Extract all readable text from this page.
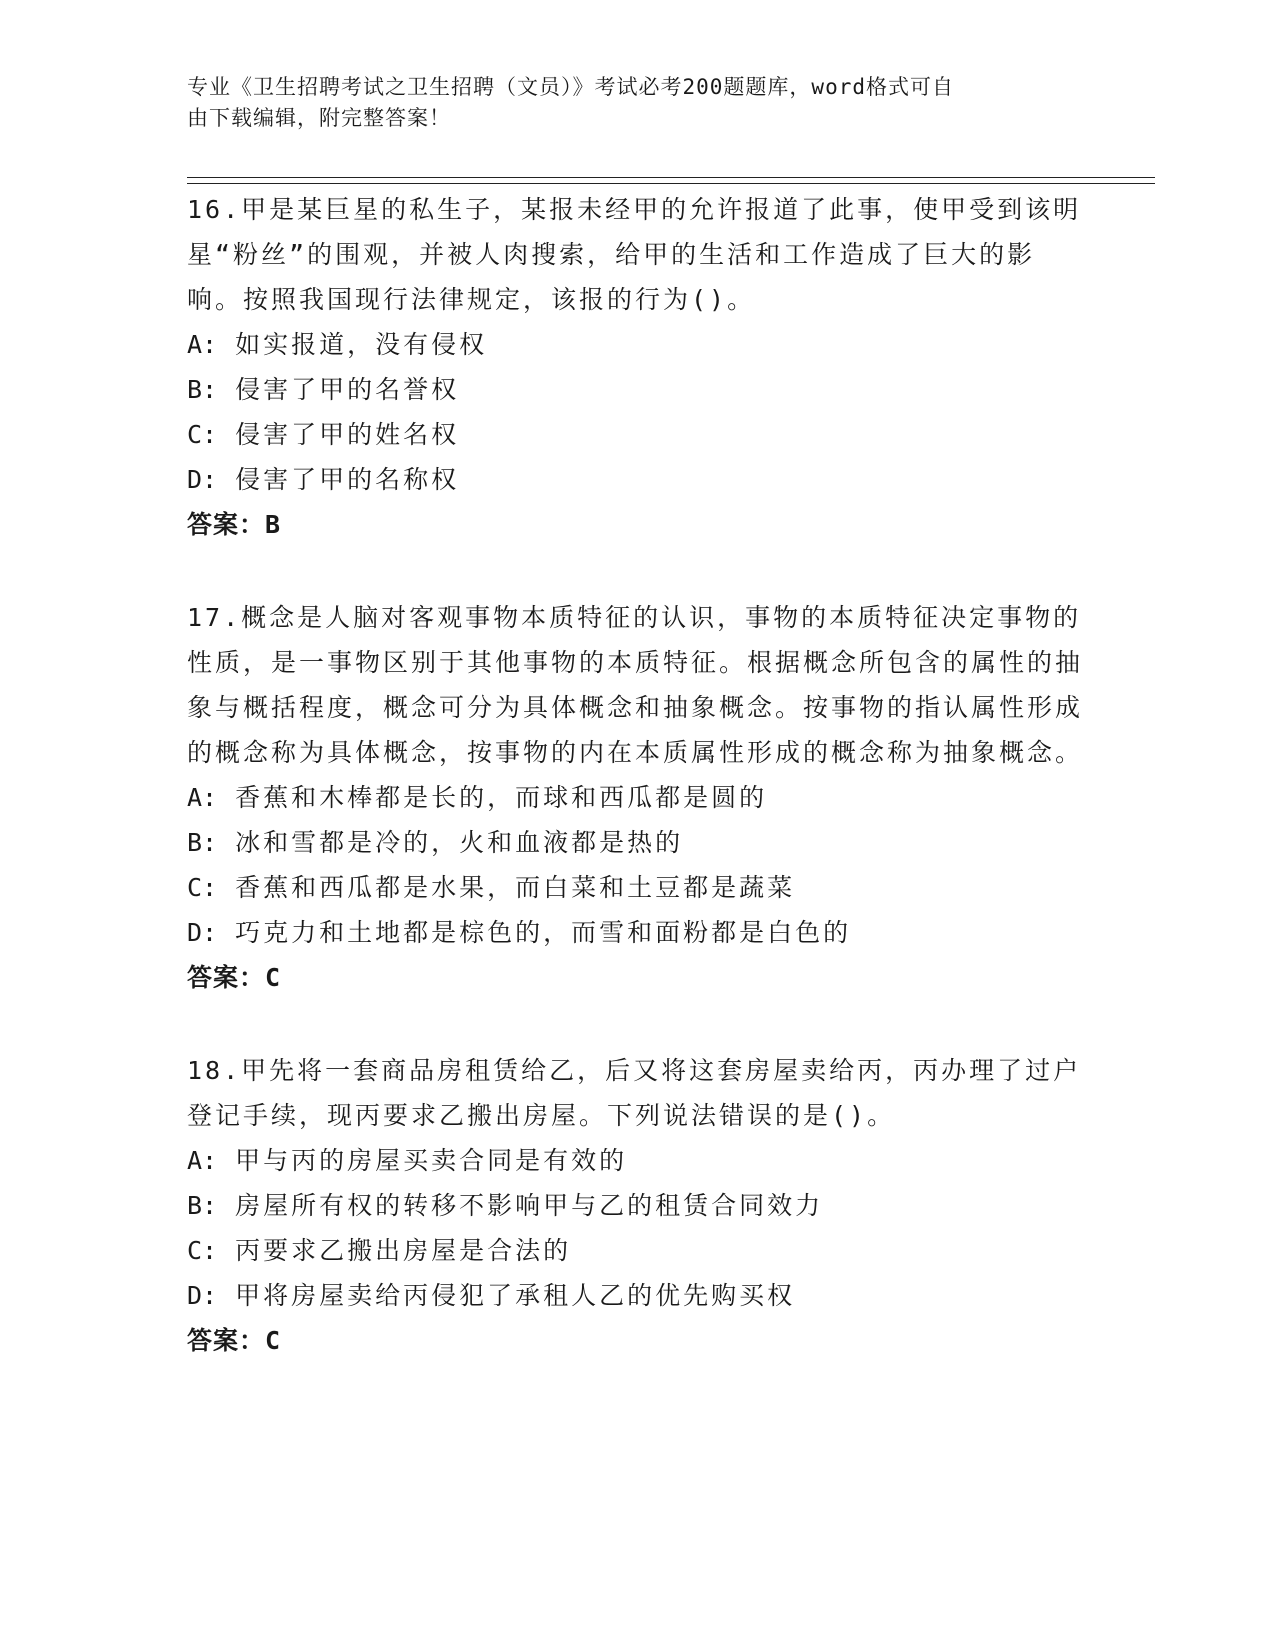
专业《卫生招聘考试之卫生招聘（文员）》考试必考200题题库，word格式可自
由下载编辑，附完整答案！
16.甲是某巨星的私生子，某报未经甲的允许报道了此事，使甲受到该明星“粉丝”的围观，并被人肉搜索，给甲的生活和工作造成了巨大的影响。按照我国现行法律规定，该报的行为()。
A: 如实报道，没有侵权
B: 侵害了甲的名誉权
C: 侵害了甲的姓名权
D: 侵害了甲的名称权
答案：B
17.概念是人脑对客观事物本质特征的认识，事物的本质特征决定事物的性质，是一事物区别于其他事物的本质特征。根据概念所包含的属性的抽象与概括程度，概念可分为具体概念和抽象概念。按事物的指认属性形成的概念称为具体概念，按事物的内在本质属性形成的概念称为抽象概念。
A: 香蕉和木棒都是长的，而球和西瓜都是圆的
B: 冰和雪都是冷的，火和血液都是热的
C: 香蕉和西瓜都是水果，而白菜和土豆都是蔬菜
D: 巧克力和土地都是棕色的，而雪和面粉都是白色的
答案：C
18.甲先将一套商品房租赁给乙，后又将这套房屋卖给丙，丙办理了过户登记手续，现丙要求乙搬出房屋。下列说法错误的是()。
A: 甲与丙的房屋买卖合同是有效的
B: 房屋所有权的转移不影响甲与乙的租赁合同效力
C: 丙要求乙搬出房屋是合法的
D: 甲将房屋卖给丙侵犯了承租人乙的优先购买权
答案：C
